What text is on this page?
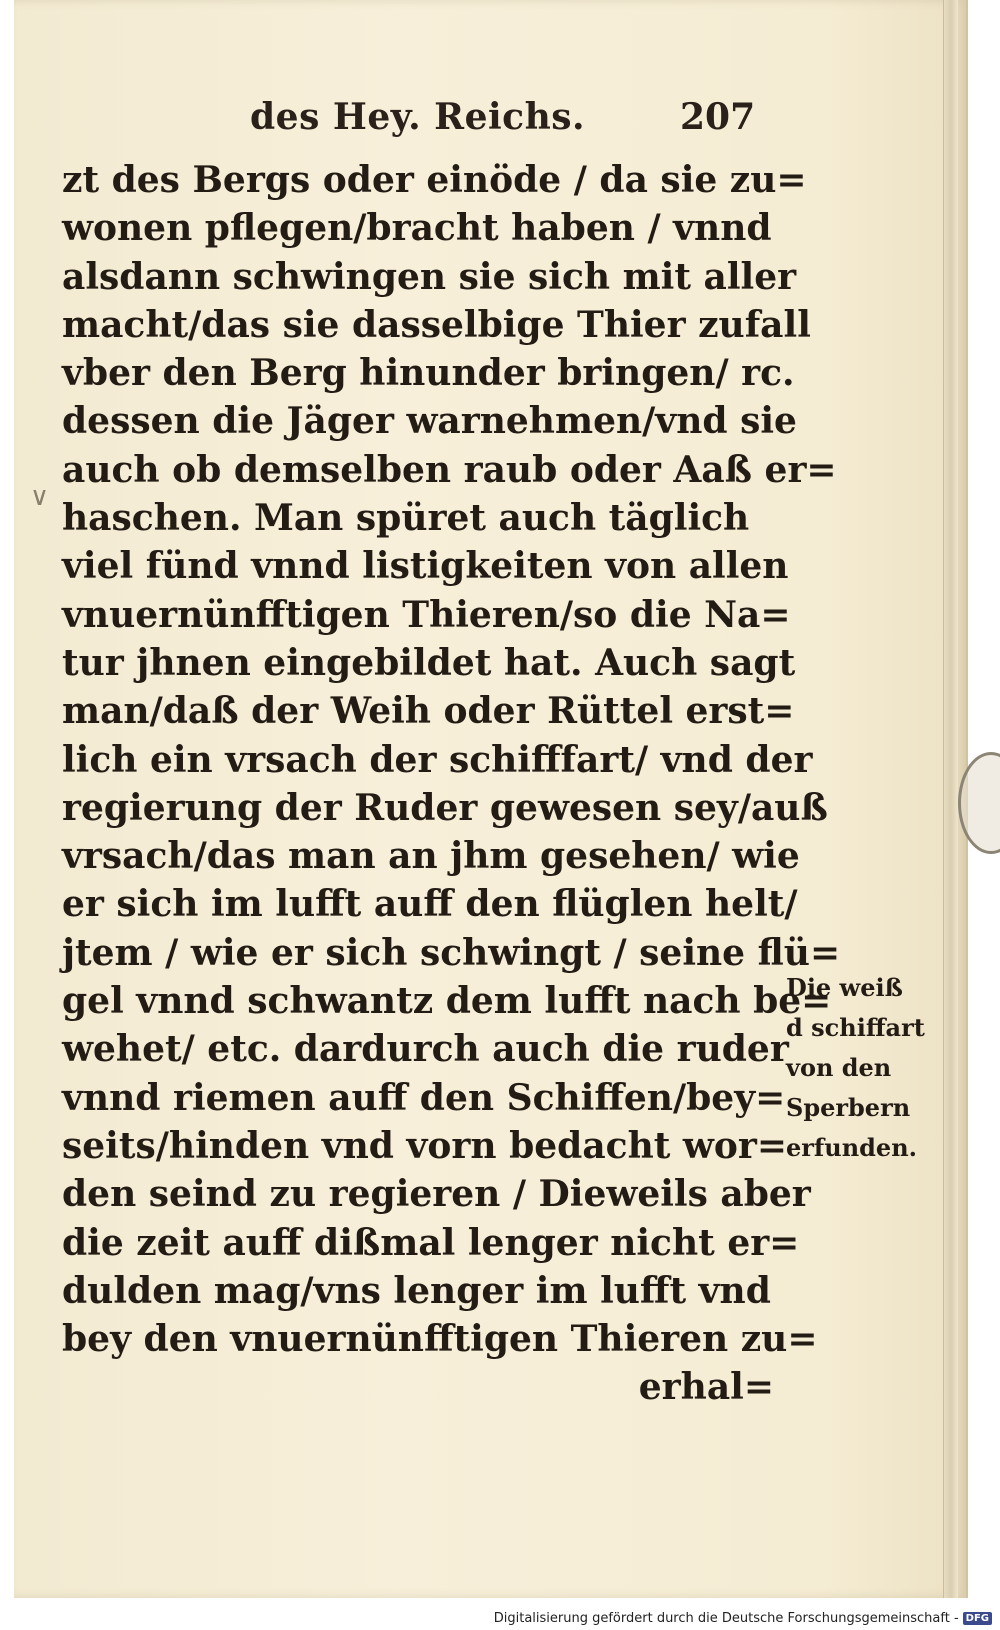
des Hey. Reichs.	207
∨
zt des Bergs oder einöde / da sie zu=
wonen pflegen/bracht haben / vnnd
alsdann schwingen sie sich mit aller
macht/das sie dasselbige Thier zufall
vber den Berg hinunder bringen/ rc.
dessen die Jäger warnehmen/vnd sie
auch ob demselben raub oder Aaß er=
haschen. Man spüret auch täglich
viel fünd vnnd listigkeiten von allen
vnuernünfftigen Thieren/so die Na=
tur jhnen eingebildet hat. Auch sagt
man/daß der Weih oder Rüttel erst=
lich ein vrsach der schifffart/ vnd der
regierung der Ruder gewesen sey/auß
vrsach/das man an jhm gesehen/ wie
er sich im lufft auff den flüglen helt/
jtem / wie er sich schwingt / seine flü=
gel vnnd schwantz dem lufft nach be=
wehet/ etc. dardurch auch die ruder
vnnd riemen auff den Schiffen/bey=
seits/hinden vnd vorn bedacht wor=
den seind zu regieren / Dieweils aber
die zeit auff dißmal lenger nicht er=
dulden mag/vns lenger im lufft vnd
bey den vnuernünfftigen Thieren zu=
erhal=
Die weiß
d schiffart
von den
Sperbern
erfunden.
Digitalisierung gefördert durch die Deutsche Forschungsgemeinschaft - DFG
